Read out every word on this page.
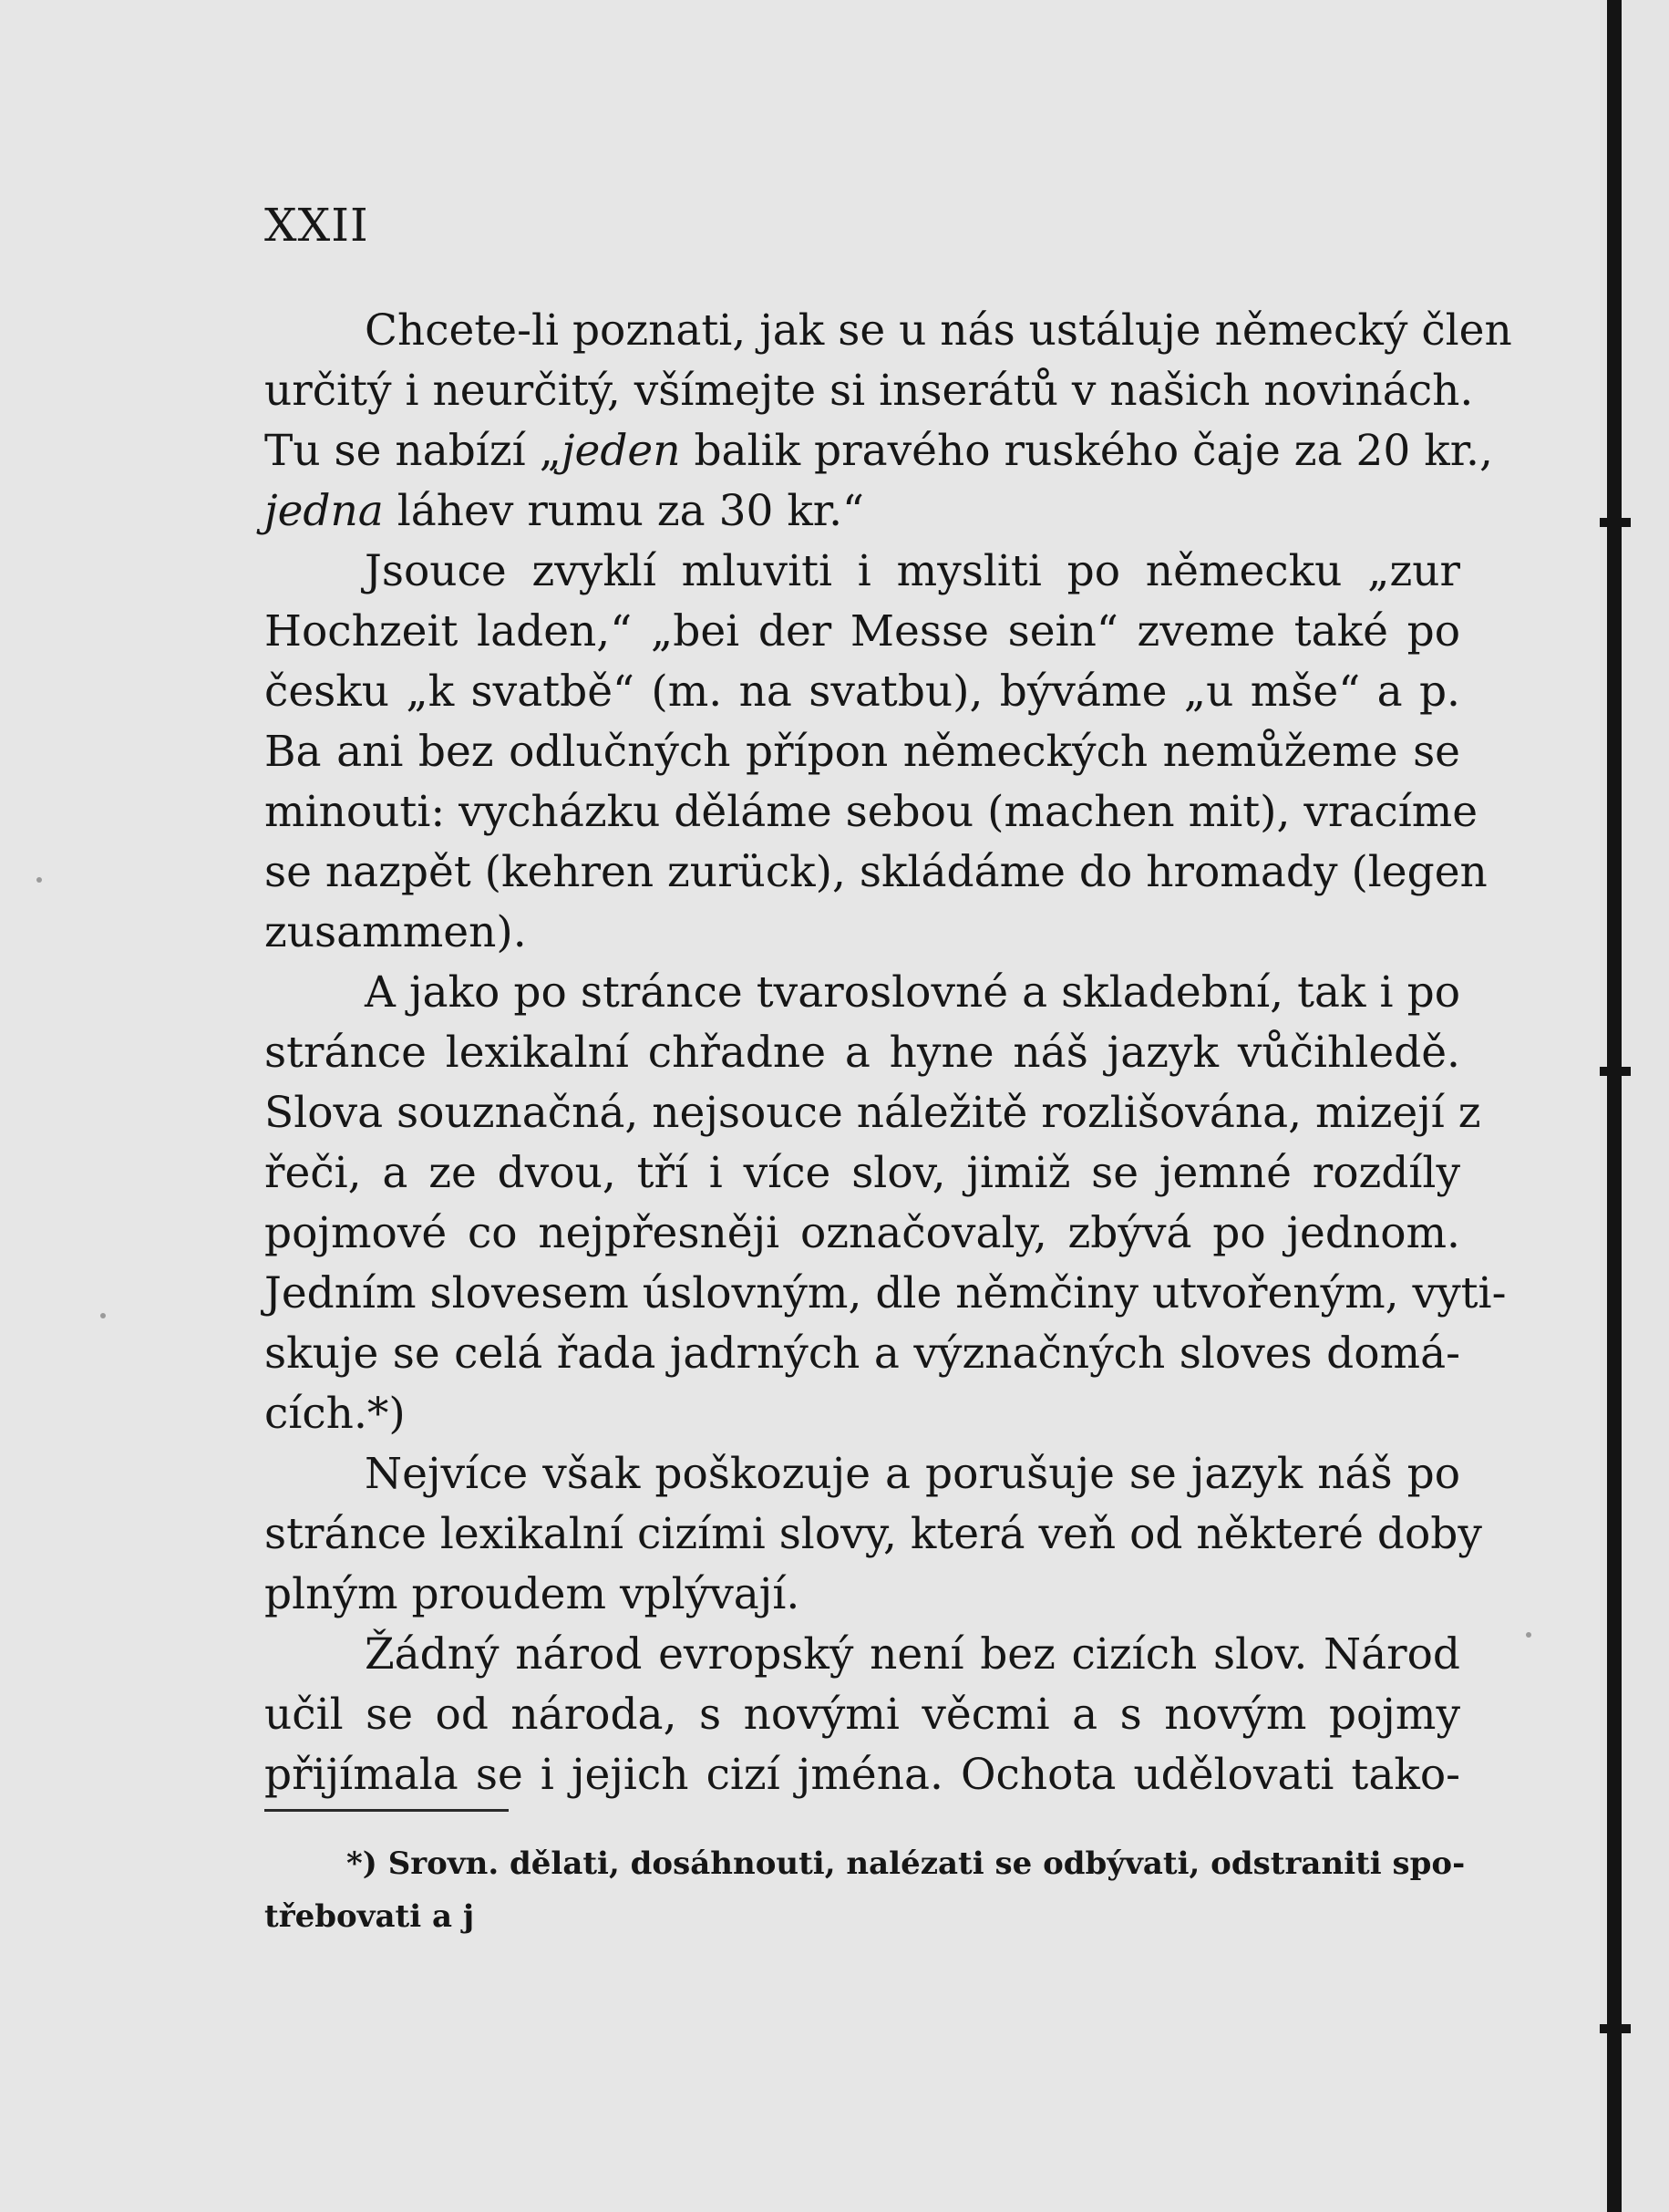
XXII
Chcete-li poznati, jak se u nás ustáluje německý člen
určitý i neurčitý, všímejte si inserátů v našich novinách.
Tu se nabízí „jeden balik pravého ruského čaje za 20 kr.,
jedna láhev rumu za 30 kr.“
Jsouce zvyklí mluviti i mysliti po německu „zur
Hochzeit laden,“ „bei der Messe sein“ zveme také po
česku „k svatbě“ (m. na svatbu), býváme „u mše“ a p.
Ba ani bez odlučných přípon německých nemůžeme se
minouti: vycházku děláme sebou (machen mit), vracíme
se nazpět (kehren zurück), skládáme do hromady (legen
zusammen).
A jako po stránce tvaroslovné a skladební, tak i po
stránce lexikalní chřadne a hyne náš jazyk vůčihledě.
Slova souznačná, nejsouce náležitě rozlišována, mizejí z
řeči, a ze dvou, tří i více slov, jimiž se jemné rozdíly
pojmové co nejpřesněji označovaly, zbývá po jednom.
Jedním slovesem úslovným, dle němčiny utvořeným, vyti-
skuje se celá řada jadrných a význačných sloves domá-
cích.*)
Nejvíce však poškozuje a porušuje se jazyk náš po
stránce lexikalní cizími slovy, která veň od některé doby
plným proudem vplývají.
Žádný národ evropský není bez cizích slov. Národ
učil se od národa, s novými věcmi a s novým pojmy
přijímala se i jejich cizí jména. Ochota udělovati tako-
*) Srovn. dělati, dosáhnouti, nalézati se odbývati, odstraniti spo-
třebovati a j
